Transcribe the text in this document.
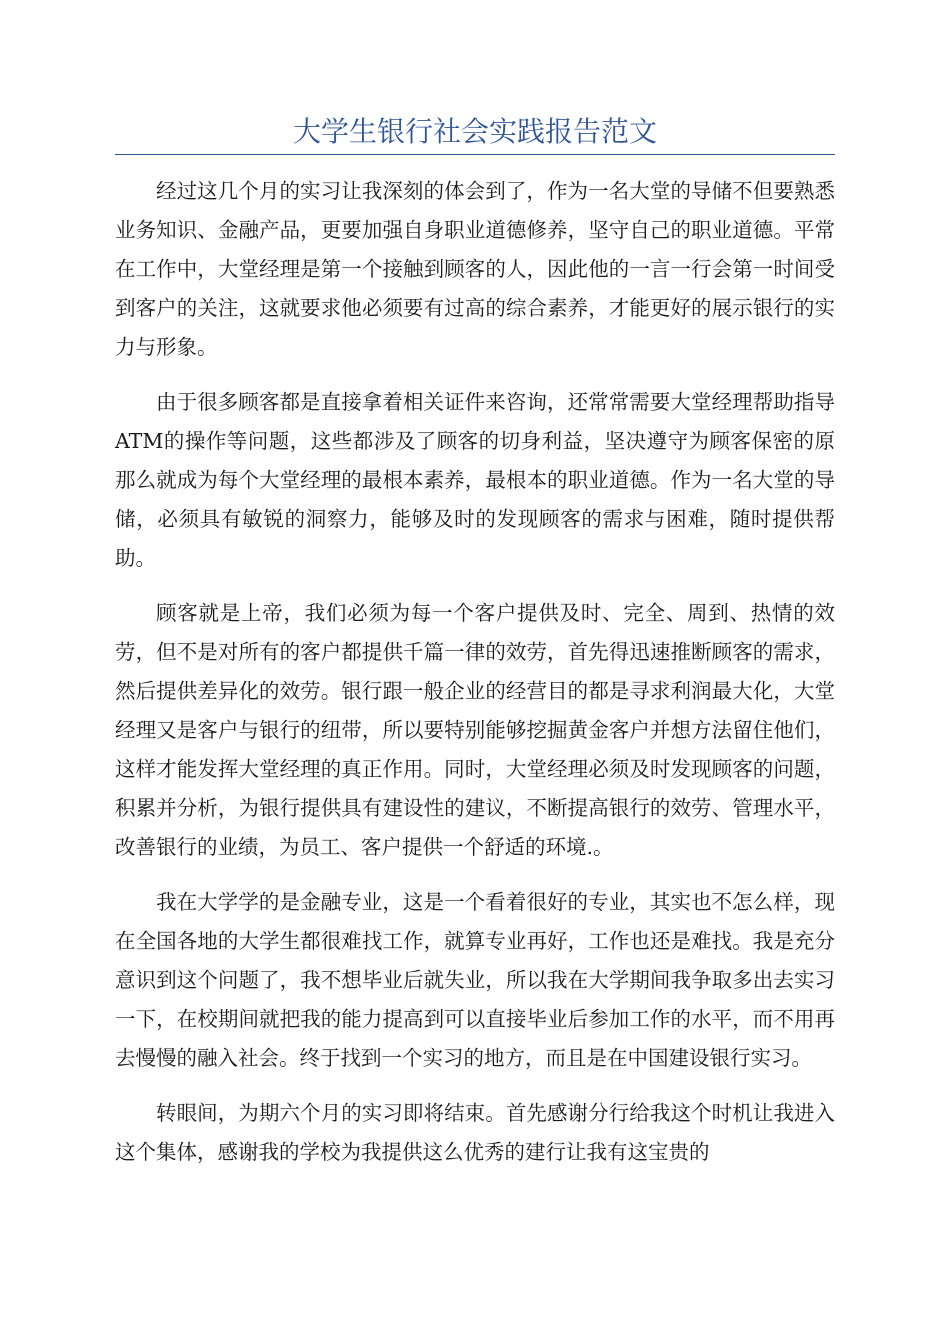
大学生银行社会实践报告范文

经过这几个月的实习让我深刻的体会到了，作为一名大堂的导储不但要熟悉业务知识、金融产品，更要加强自身职业道德修养，坚守自己的职业道德。平常在工作中，大堂经理是第一个接触到顾客的人，因此他的一言一行会第一时间受到客户的关注，这就要求他必须要有过高的综合素养，才能更好的展示银行的实力与形象。

由于很多顾客都是直接拿着相关证件来咨询，还常常需要大堂经理帮助指导ATM的操作等问题，这些都涉及了顾客的切身利益，坚决遵守为顾客保密的原那么就成为每个大堂经理的最根本素养，最根本的职业道德。作为一名大堂的导储，必须具有敏锐的洞察力，能够及时的发现顾客的需求与困难，随时提供帮助。

顾客就是上帝，我们必须为每一个客户提供及时、完全、周到、热情的效劳，但不是对所有的客户都提供千篇一律的效劳，首先得迅速推断顾客的需求，然后提供差异化的效劳。银行跟一般企业的经营目的都是寻求利润最大化，大堂经理又是客户与银行的纽带，所以要特别能够挖掘黄金客户并想方法留住他们，这样才能发挥大堂经理的真正作用。同时，大堂经理必须及时发现顾客的问题，积累并分析，为银行提供具有建设性的建议，不断提高银行的效劳、管理水平，改善银行的业绩，为员工、客户提供一个舒适的环境.。

我在大学学的是金融专业，这是一个看着很好的专业，其实也不怎么样，现在全国各地的大学生都很难找工作，就算专业再好，工作也还是难找。我是充分意识到这个问题了，我不想毕业后就失业，所以我在大学期间我争取多出去实习一下，在校期间就把我的能力提高到可以直接毕业后参加工作的水平，而不用再去慢慢的融入社会。终于找到一个实习的地方，而且是在中国建设银行实习。

转眼间，为期六个月的实习即将结束。首先感谢分行给我这个时机让我进入这个集体，感谢我的学校为我提供这么优秀的建行让我有这宝贵的
